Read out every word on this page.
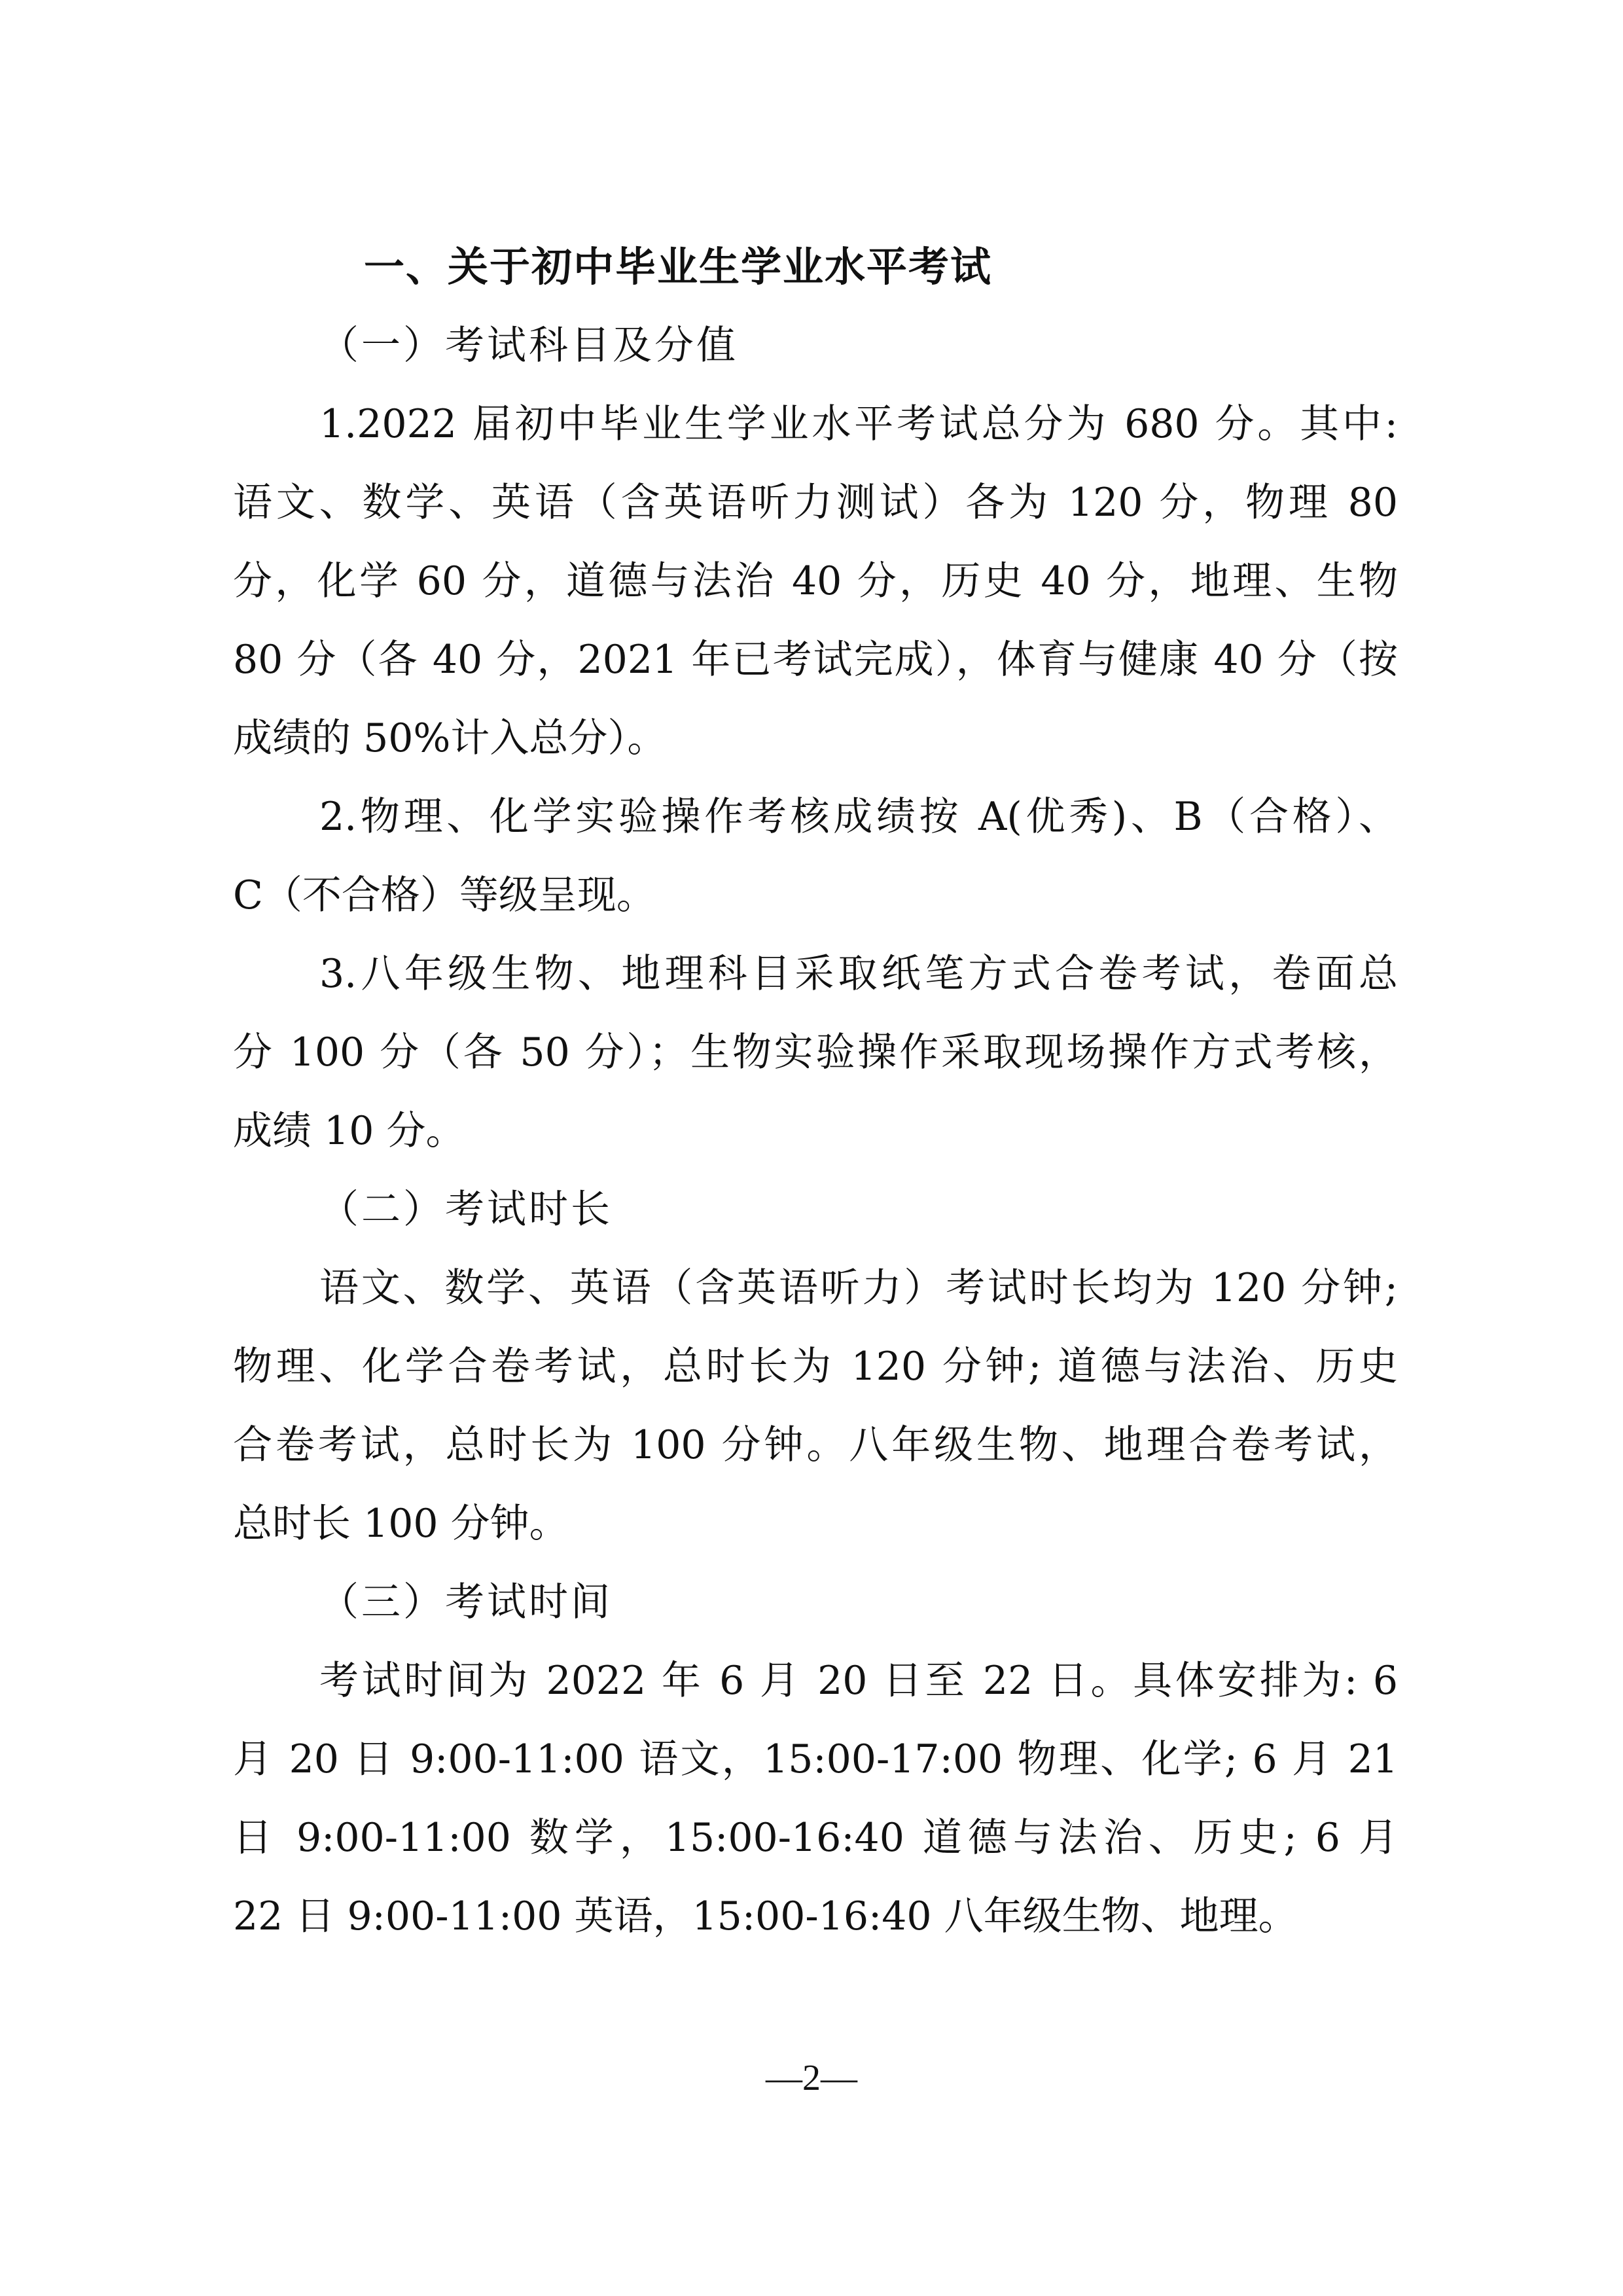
一、关于初中毕业生学业水平考试
（一）考试科目及分值
1.2022 届初中毕业生学业水平考试总分为 680 分。其中:
语文、数学、英语（含英语听力测试）各为 120 分，物理 80
分，化学 60 分，道德与法治 40 分，历史 40 分，地理、生物
80 分（各 40 分，2021 年已考试完成），体育与健康 40 分（按
成绩的 50%计入总分）。
2.物理、化学实验操作考核成绩按 A(优秀)、B（合格）、
C（不合格）等级呈现。
3.八年级生物、地理科目采取纸笔方式合卷考试，卷面总
分 100 分（各 50 分）；生物实验操作采取现场操作方式考核，
成绩 10 分。
（二）考试时长
语文、数学、英语（含英语听力）考试时长均为 120 分钟;
物理、化学合卷考试，总时长为 120 分钟; 道德与法治、历史
合卷考试，总时长为 100 分钟。八年级生物、地理合卷考试，
总时长 100 分钟。
（三）考试时间
考试时间为 2022 年 6 月 20 日至 22 日。具体安排为: 6
月 20 日 9:00-11:00 语文，15:00-17:00 物理、化学; 6 月 21
日 9:00-11:00 数学，15:00-16:40 道德与法治、历史; 6 月
22 日 9:00-11:00 英语，15:00-16:40 八年级生物、地理。
—2—
